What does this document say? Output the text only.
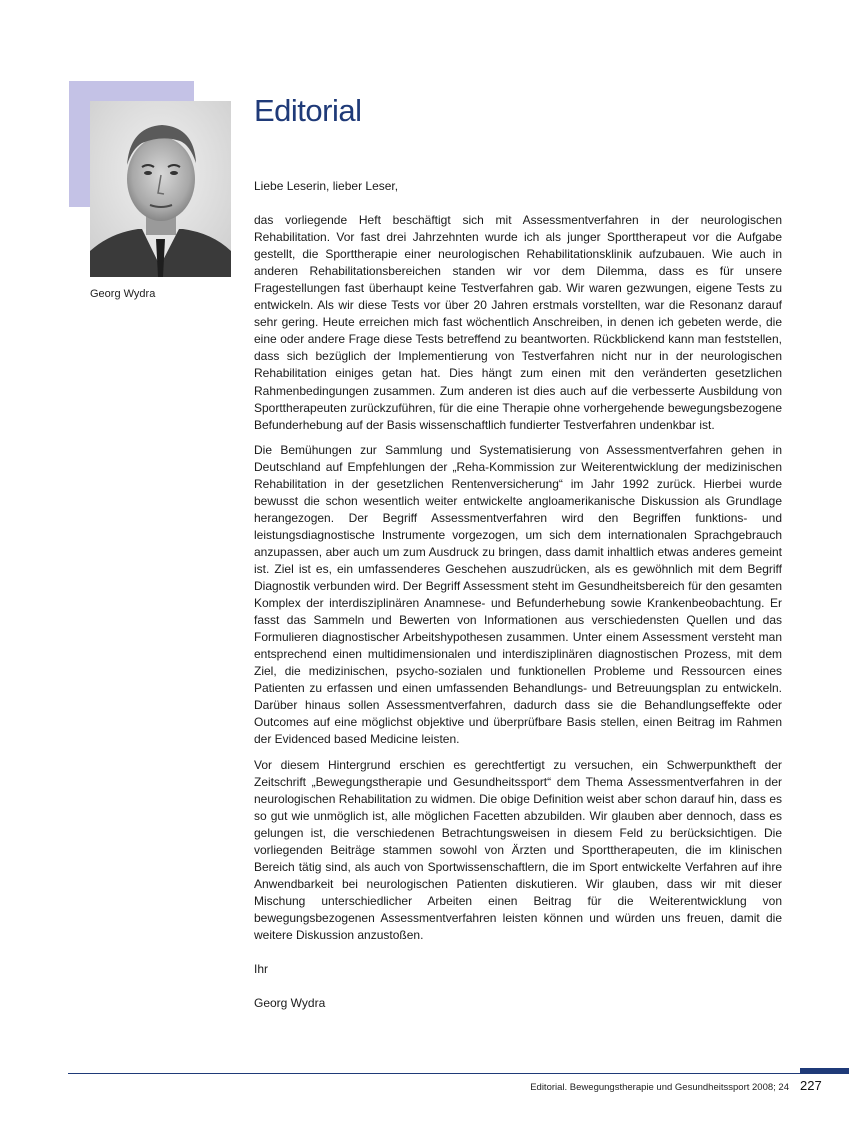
Georg Wydra
Editorial

Liebe Leserin, lieber Leser,

das vorliegende Heft beschäftigt sich mit Assessmentverfahren in der neurologischen Rehabilitation. Vor fast drei Jahrzehnten wurde ich als junger Sporttherapeut vor die Aufgabe gestellt, die Sporttherapie einer neurologischen Rehabilitationsklinik aufzubauen. Wie auch in anderen Rehabilitationsbereichen standen wir vor dem Dilemma, dass es für unsere Fragestellungen fast überhaupt keine Testverfahren gab. Wir waren gezwungen, eigene Tests zu entwickeln. Als wir diese Tests vor über 20 Jahren erstmals vorstellten, war die Resonanz darauf sehr gering. Heute erreichen mich fast wöchentlich Anschreiben, in denen ich gebeten werde, die eine oder andere Frage diese Tests betreffend zu beantworten. Rückblickend kann man feststellen, dass sich bezüglich der Implementierung von Testverfahren nicht nur in der neurologischen Rehabilitation einiges getan hat. Dies hängt zum einen mit den veränderten gesetzlichen Rahmenbedingungen zusammen. Zum anderen ist dies auch auf die verbesserte Ausbildung von Sporttherapeuten zurückzuführen, für die eine Therapie ohne vorhergehende bewegungsbezogene Befunderhebung auf der Basis wissenschaftlich fundierter Testverfahren undenkbar ist.

Die Bemühungen zur Sammlung und Systematisierung von Assessmentverfahren gehen in Deutschland auf Empfehlungen der „Reha-Kommission zur Weiterentwicklung der medizinischen Rehabilitation in der gesetzlichen Rentenversicherung“ im Jahr 1992 zurück. Hierbei wurde bewusst die schon wesentlich weiter entwickelte angloamerikanische Diskussion als Grundlage herangezogen. Der Begriff Assessmentverfahren wird den Begriffen funktions- und leistungsdiagnostische Instrumente vorgezogen, um sich dem internationalen Sprachgebrauch anzupassen, aber auch um zum Ausdruck zu bringen, dass damit inhaltlich etwas anderes gemeint ist. Ziel ist es, ein umfassenderes Geschehen auszudrücken, als es gewöhnlich mit dem Begriff Diagnostik verbunden wird. Der Begriff Assessment steht im Gesundheitsbereich für den gesamten Komplex der interdisziplinären Anamnese- und Befunderhebung sowie Krankenbeobachtung. Er fasst das Sammeln und Bewerten von Informationen aus verschiedensten Quellen und das Formulieren diagnostischer Arbeitshypothesen zusammen. Unter einem Assessment versteht man entsprechend einen multidimensionalen und interdisziplinären diagnostischen Prozess, mit dem Ziel, die medizinischen, psycho-sozialen und funktionellen Probleme und Ressourcen eines Patienten zu erfassen und einen umfassenden Behandlungs- und Betreuungsplan zu entwickeln. Darüber hinaus sollen Assessmentverfahren, dadurch dass sie die Behandlungseffekte oder Outcomes auf eine möglichst objektive und überprüfbare Basis stellen, einen Beitrag im Rahmen der Evidenced based Medicine leisten.

Vor diesem Hintergrund erschien es gerechtfertigt zu versuchen, ein Schwerpunktheft der Zeitschrift „Bewegungstherapie und Gesundheitssport“ dem Thema Assessmentverfahren in der neurologischen Rehabilitation zu widmen. Die obige Definition weist aber schon darauf hin, dass es so gut wie unmöglich ist, alle möglichen Facetten abzubilden. Wir glauben aber dennoch, dass es gelungen ist, die verschiedenen Betrachtungsweisen in diesem Feld zu berücksichtigen. Die vorliegenden Beiträge stammen sowohl von Ärzten und Sporttherapeuten, die im klinischen Bereich tätig sind, als auch von Sportwissenschaftlern, die im Sport entwickelte Verfahren auf ihre Anwendbarkeit bei neurologischen Patienten diskutieren. Wir glauben, dass wir mit dieser Mischung unterschiedlicher Arbeiten einen Beitrag für die Weiterentwicklung von bewegungsbezogenen Assessmentverfahren leisten können und würden uns freuen, damit die weitere Diskussion anzustoßen.

Ihr

Georg Wydra

Editorial. Bewegungstherapie und Gesundheitssport 2008; 24 227
